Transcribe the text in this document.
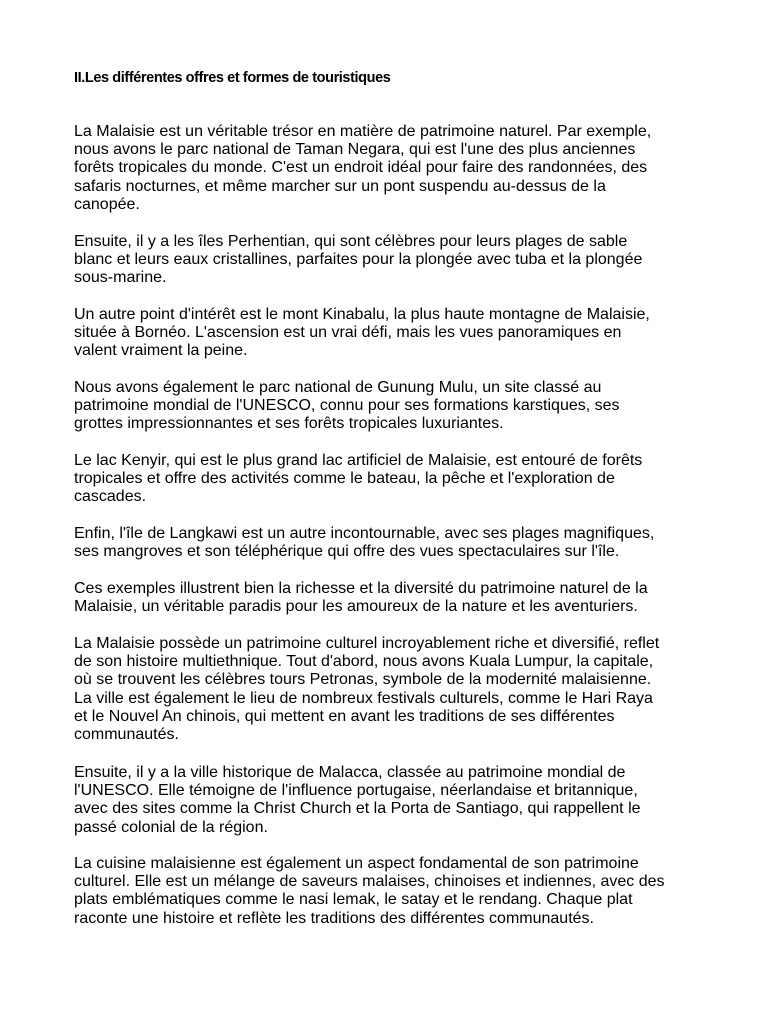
II.Les différentes offres et formes de touristiques

La Malaisie est un véritable trésor en matière de patrimoine naturel. Par exemple,
nous avons le parc national de Taman Negara, qui est l'une des plus anciennes
forêts tropicales du monde. C'est un endroit idéal pour faire des randonnées, des
safaris nocturnes, et même marcher sur un pont suspendu au-dessus de la
canopée.

Ensuite, il y a les îles Perhentian, qui sont célèbres pour leurs plages de sable
blanc et leurs eaux cristallines, parfaites pour la plongée avec tuba et la plongée
sous-marine.

Un autre point d'intérêt est le mont Kinabalu, la plus haute montagne de Malaisie,
située à Bornéo. L'ascension est un vrai défi, mais les vues panoramiques en
valent vraiment la peine.

Nous avons également le parc national de Gunung Mulu, un site classé au
patrimoine mondial de l'UNESCO, connu pour ses formations karstiques, ses
grottes impressionnantes et ses forêts tropicales luxuriantes.

Le lac Kenyir, qui est le plus grand lac artificiel de Malaisie, est entouré de forêts
tropicales et offre des activités comme le bateau, la pêche et l'exploration de
cascades.

Enfin, l'île de Langkawi est un autre incontournable, avec ses plages magnifiques,
ses mangroves et son téléphérique qui offre des vues spectaculaires sur l'île.

Ces exemples illustrent bien la richesse et la diversité du patrimoine naturel de la
Malaisie, un véritable paradis pour les amoureux de la nature et les aventuriers.

La Malaisie possède un patrimoine culturel incroyablement riche et diversifié, reflet
de son histoire multiethnique. Tout d'abord, nous avons Kuala Lumpur, la capitale,
où se trouvent les célèbres tours Petronas, symbole de la modernité malaisienne.
La ville est également le lieu de nombreux festivals culturels, comme le Hari Raya
et le Nouvel An chinois, qui mettent en avant les traditions de ses différentes
communautés.

Ensuite, il y a la ville historique de Malacca, classée au patrimoine mondial de
l'UNESCO. Elle témoigne de l'influence portugaise, néerlandaise et britannique,
avec des sites comme la Christ Church et la Porta de Santiago, qui rappellent le
passé colonial de la région.

La cuisine malaisienne est également un aspect fondamental de son patrimoine
culturel. Elle est un mélange de saveurs malaises, chinoises et indiennes, avec des
plats emblématiques comme le nasi lemak, le satay et le rendang. Chaque plat
raconte une histoire et reflète les traditions des différentes communautés.
